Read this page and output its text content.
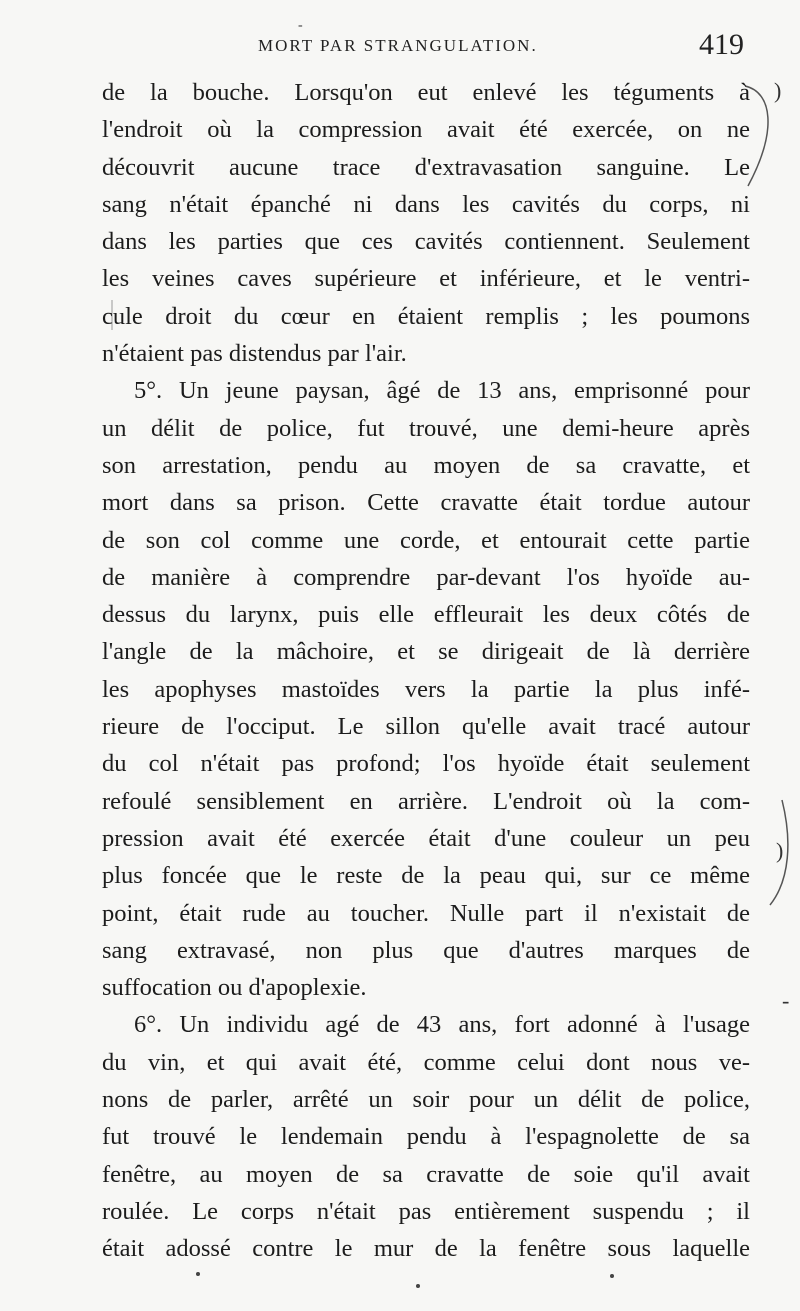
-
MORT PAR STRANGULATION.	419
de la bouche. Lorsqu'on eut enlevé les téguments à
l'endroit où la compression avait été exercée, on ne
découvrit aucune trace d'extravasation sanguine. Le
sang n'était épanché ni dans les cavités du corps, ni
dans les parties que ces cavités contiennent. Seulement
les veines caves supérieure et inférieure, et le ventri-
cule droit du cœur en étaient remplis ; les poumons
n'étaient pas distendus par l'air.
5°. Un jeune paysan, âgé de 13 ans, emprisonné pour
un délit de police, fut trouvé, une demi-heure après
son arrestation, pendu au moyen de sa cravatte, et
mort dans sa prison. Cette cravatte était tordue autour
de son col comme une corde, et entourait cette partie
de manière à comprendre par-devant l'os hyoïde au-
dessus du larynx, puis elle effleurait les deux côtés de
l'angle de la mâchoire, et se dirigeait de là derrière
les apophyses mastoïdes vers la partie la plus infé-
rieure de l'occiput. Le sillon qu'elle avait tracé autour
du col n'était pas profond; l'os hyoïde était seulement
refoulé sensiblement en arrière. L'endroit où la com-
pression avait été exercée était d'une couleur un peu
plus foncée que le reste de la peau qui, sur ce même
point, était rude au toucher. Nulle part il n'existait de
sang extravasé, non plus que d'autres marques de
suffocation ou d'apoplexie.
6°. Un individu agé de 43 ans, fort adonné à l'usage
du vin, et qui avait été, comme celui dont nous ve-
nons de parler, arrêté un soir pour un délit de police,
fut trouvé le lendemain pendu à l'espagnolette de sa
fenêtre, au moyen de sa cravatte de soie qu'il avait
roulée. Le corps n'était pas entièrement suspendu ; il
était adossé contre le mur de la fenêtre sous laquelle
)
)
-
